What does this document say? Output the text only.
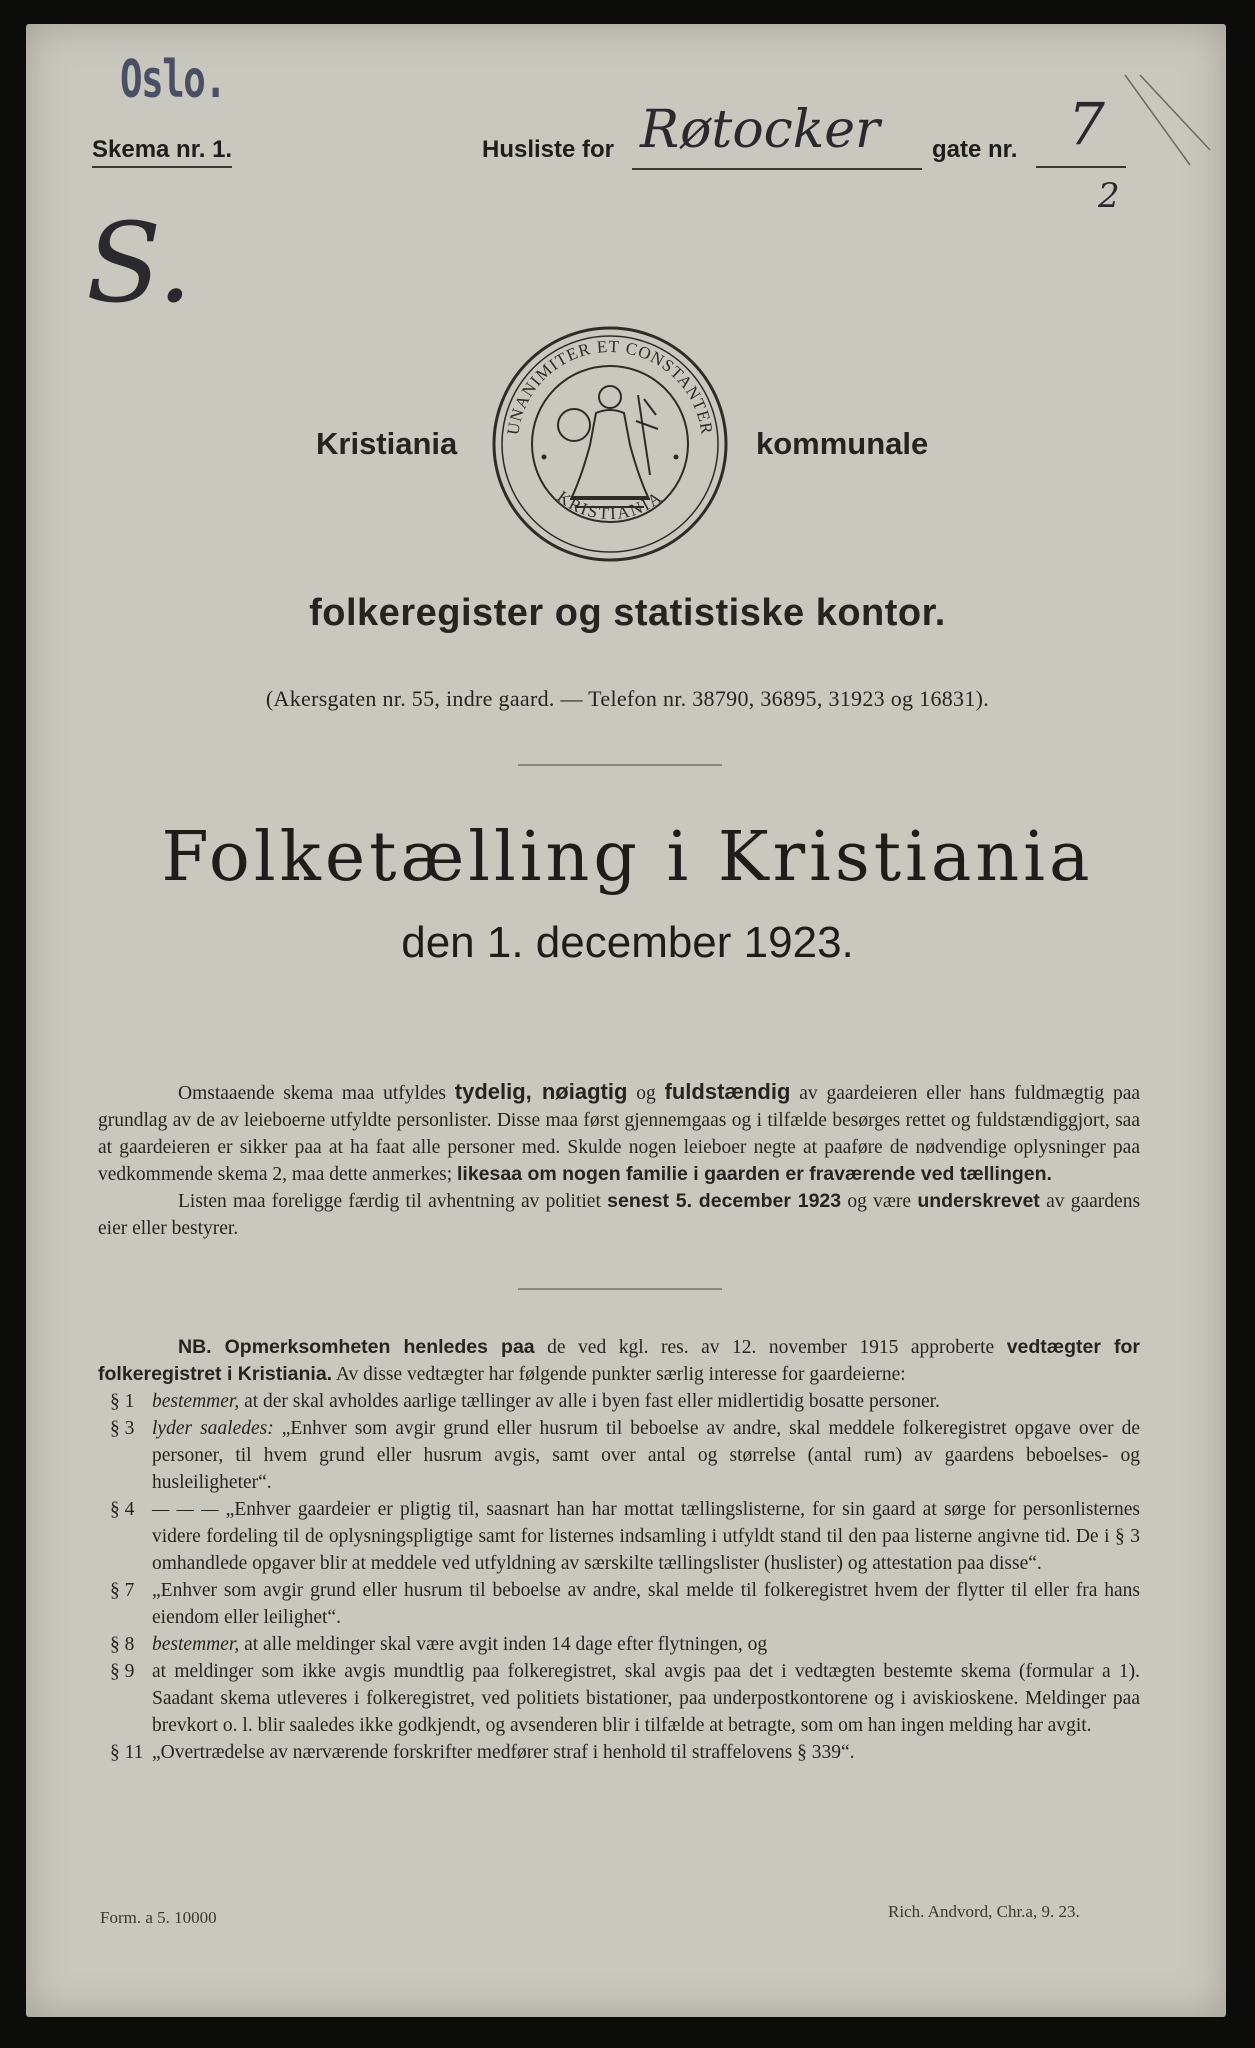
Oslo.
Skema nr. 1.	Husliste for Røtocker gate nr. 7
2
S.
Kristiania	kommunale
UNANIMITER ET CONSTANTER
KRISTIANIA
folkeregister og statistiske kontor.
(Akersgaten nr. 55, indre gaard. — Telefon nr. 38790, 36895, 31923 og 16831).
Folketælling i Kristiania
den 1. december 1923.

Omstaaende skema maa utfyldes tydelig, nøiagtig og fuldstændig av gaardeieren eller hans fuldmægtig paa grundlag av de av leieboerne utfyldte personlister. Disse maa først gjennemgaas og i tilfælde besørges rettet og fuldstændiggjort, saa at gaardeieren er sikker paa at ha faat alle personer med. Skulde nogen leieboer negte at paaføre de nødvendige oplysninger paa vedkommende skema 2, maa dette anmerkes; likesaa om nogen familie i gaarden er fraværende ved tællingen.

Listen maa foreligge færdig til avhentning av politiet senest 5. december 1923 og være underskrevet av gaardens eier eller bestyrer.

NB. Opmerksomheten henledes paa de ved kgl. res. av 12. november 1915 approberte vedtægter for folkeregistret i Kristiania. Av disse vedtægter har følgende punkter særlig interesse for gaardeierne:

§ 1 bestemmer, at der skal avholdes aarlige tællinger av alle i byen fast eller midlertidig bosatte personer.
§ 3 lyder saaledes: „Enhver som avgir grund eller husrum til beboelse av andre, skal meddele folkeregistret opgave over de personer, til hvem grund eller husrum avgis, samt over antal og størrelse (antal rum) av gaardens beboelses- og husleiligheter“.
§ 4 — — — „Enhver gaardeier er pligtig til, saasnart han har mottat tællingslisterne, for sin gaard at sørge for personlisternes videre fordeling til de oplysningspligtige samt for listernes indsamling i utfyldt stand til den paa listerne angivne tid. De i § 3 omhandlede opgaver blir at meddele ved utfyldning av særskilte tællingslister (huslister) og attestation paa disse“.
§ 7 „Enhver som avgir grund eller husrum til beboelse av andre, skal melde til folkeregistret hvem der flytter til eller fra hans eiendom eller leilighet“.
§ 8 bestemmer, at alle meldinger skal være avgit inden 14 dage efter flytningen, og
§ 9 at meldinger som ikke avgis mundtlig paa folkeregistret, skal avgis paa det i vedtægten bestemte skema (formular a 1). Saadant skema utleveres i folkeregistret, ved politiets bistationer, paa underpostkontorene og i aviskioskene. Meldinger paa brevkort o. l. blir saaledes ikke godkjendt, og avsenderen blir i tilfælde at betragte, som om han ingen melding har avgit.
§ 11 „Overtrædelse av nærværende forskrifter medfører straf i henhold til straffelovens § 339“.
Form. a 5. 10000	Rich. Andvord, Chr.a, 9. 23.
